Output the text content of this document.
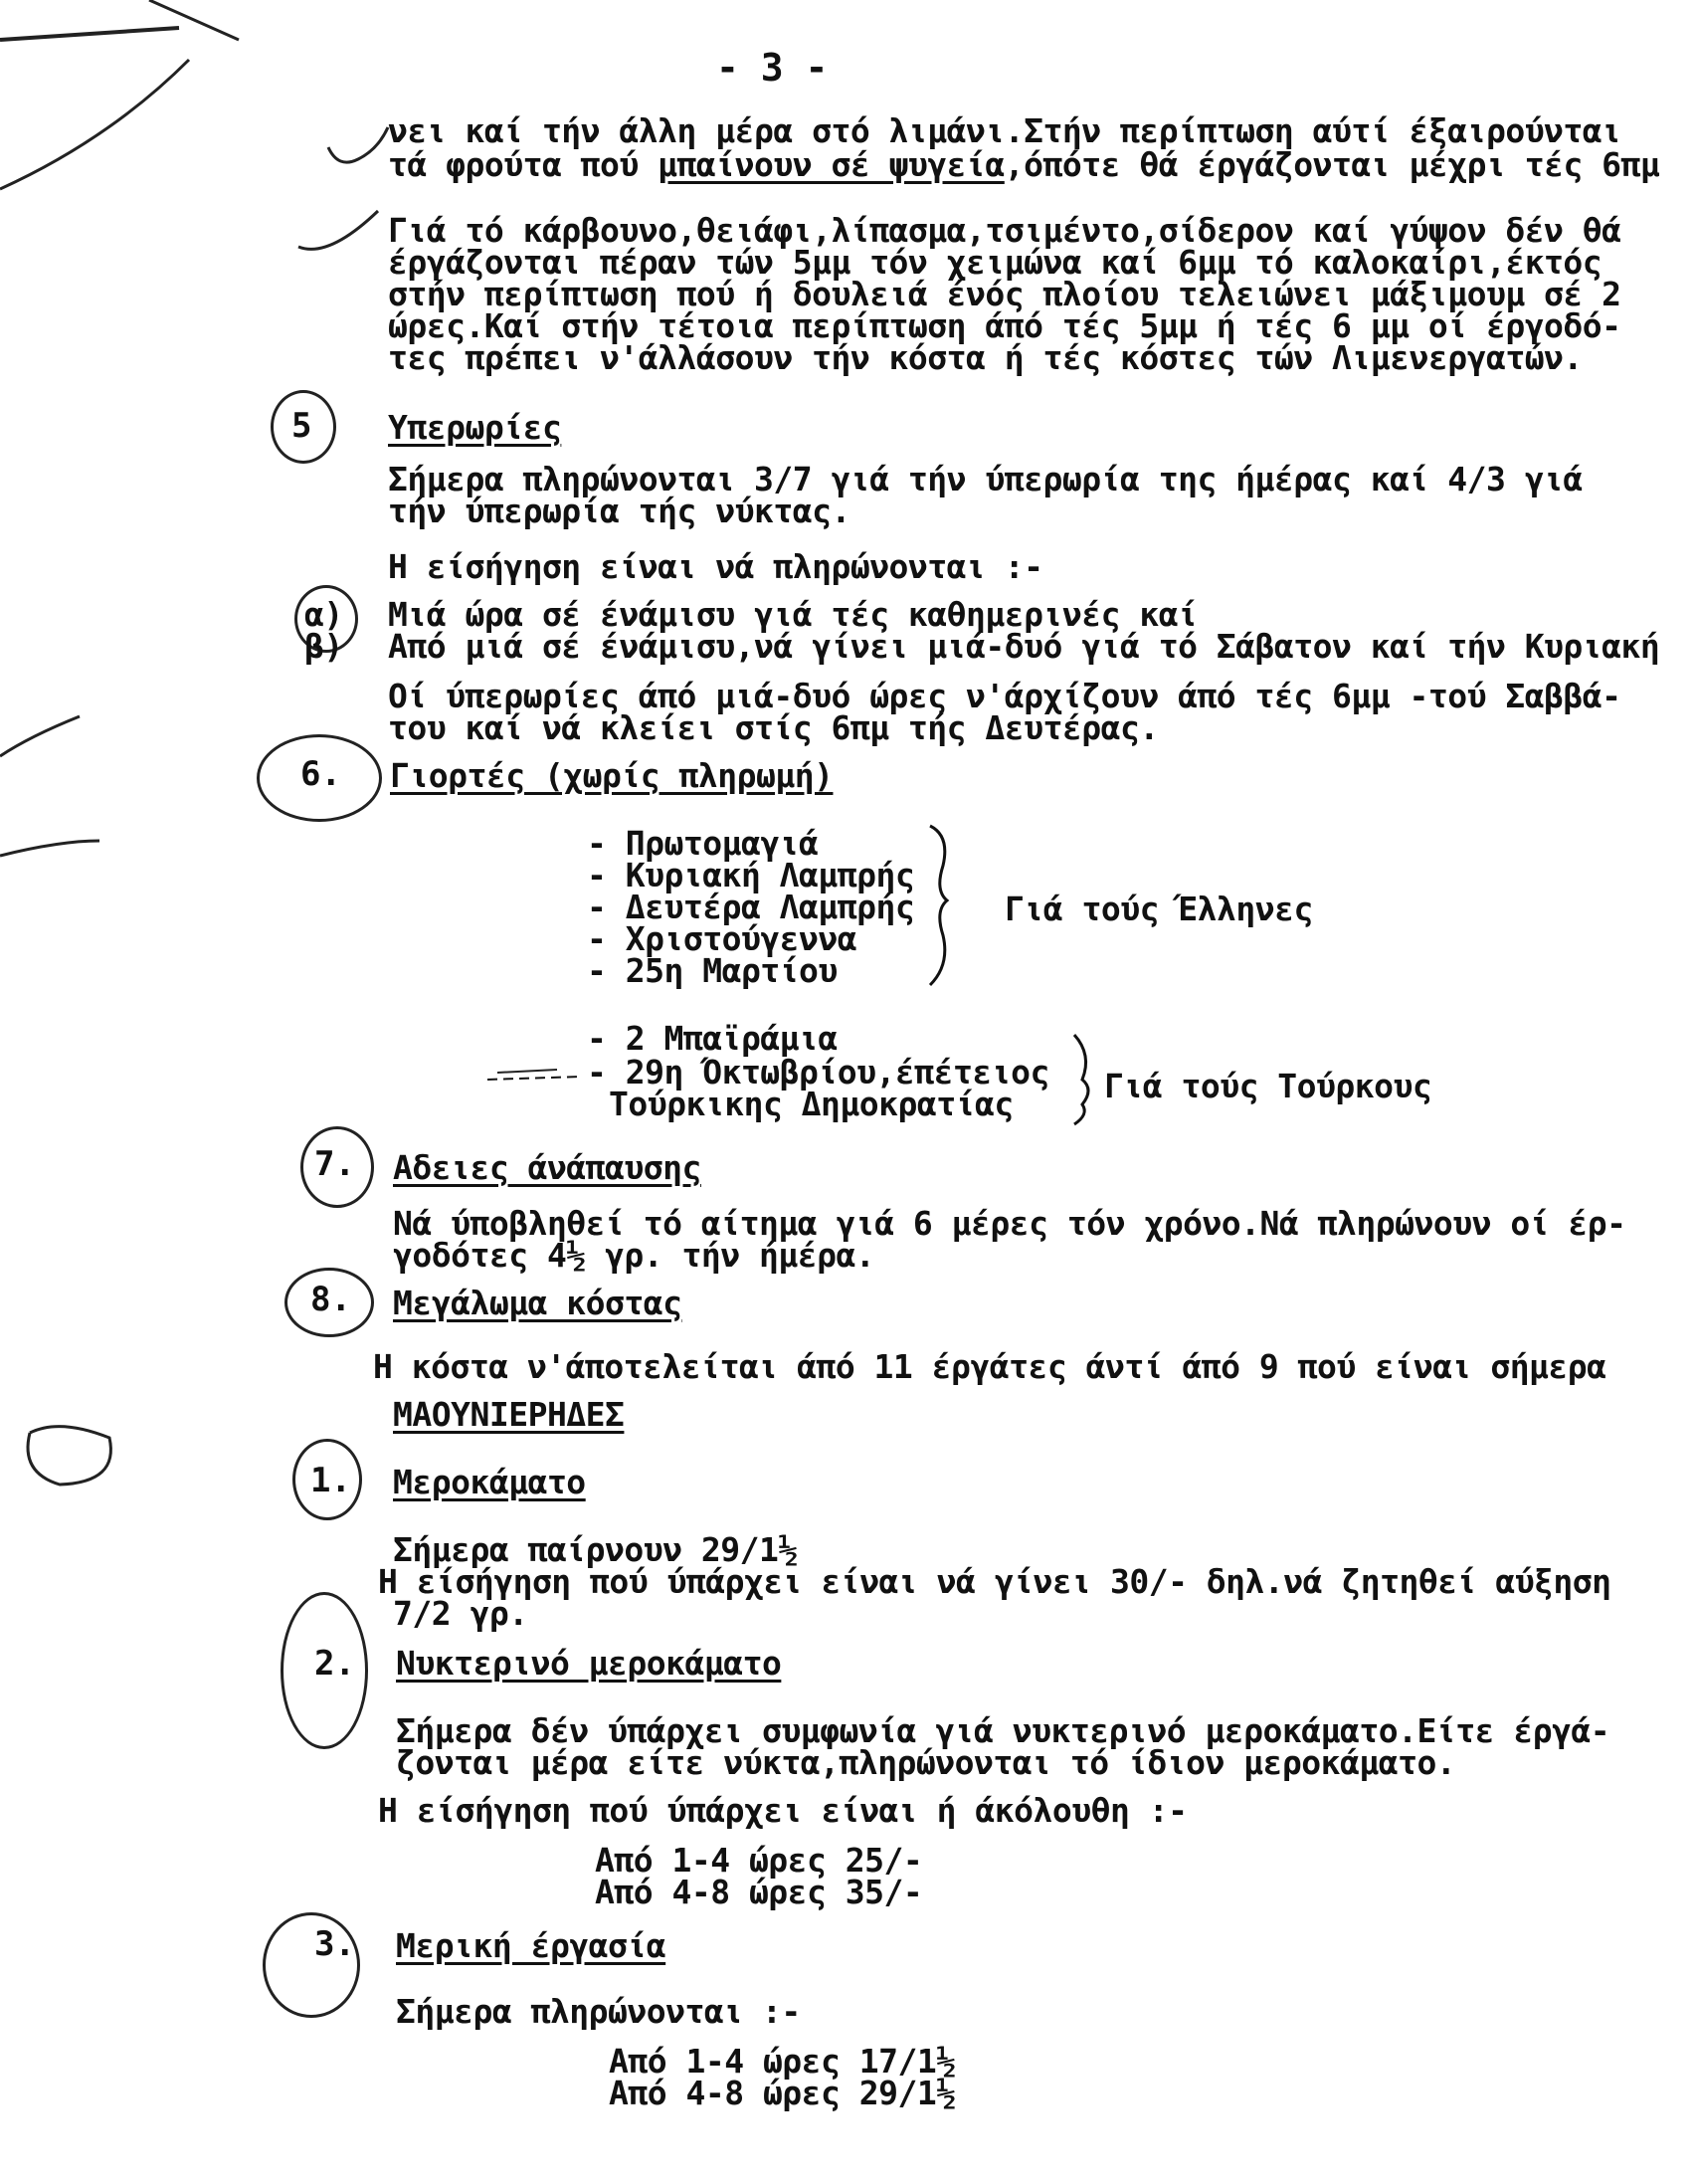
- 3 -
νει καί τήν άλλη μέρα στό λιμάνι.Στήν περίπτωση αύτί έξαιρούνται
τά φρούτα πού μπαίνουν σέ ψυγεία,όπότε θά έργάζονται μέχρι τές 6πμ
Γιά τό κάρβουνο,θειάφι,λίπασμα,τσιμέντο,σίδερον καί γύψον δέν θά
έργάζονται πέραν τών 5μμ τόν χειμώνα καί 6μμ τό καλοκαίρι,έκτός
στήν περίπτωση πού ή δουλειά ένός πλοίου τελειώνει μάξιμουμ σέ 2
ώρες.Καί στήν τέτοια περίπτωση άπό τές 5μμ ή τές 6 μμ οί έργοδό-
τες πρέπει ν'άλλάσουν τήν κόστα ή τές κόστες τών Λιμενεργατών.
5 Υπερωρίες
Σήμερα πληρώνονται 3/7 γιά τήν ύπερωρία της ήμέρας καί 4/3 γιά
τήν ύπερωρία τής νύκτας.
Η είσήγηση είναι νά πληρώνονται :-
α) Μιά ώρα σέ ένάμισυ γιά τές καθημερινές καί
β) Από μιά σέ ένάμισυ,νά γίνει μιά-δυό γιά τό Σάβατον καί τήν Κυριακή
Οί ύπερωρίες άπό μιά-δυό ώρες ν'άρχίζουν άπό τές 6μμ -τού Σαββά-
του καί νά κλείει στίς 6πμ τής Δευτέρας.
6. Γιορτές (χωρίς πληρωμή)
- Πρωτομαγιά
- Κυριακή Λαμπρής
- Δευτέρα Λαμπρής
- Χριστούγεννα
- 25η Μαρτίου
Γιά τούς Έλληνες
- 2 Μπαϊράμια
- 29η Όκτωβρίου,έπέτειος
Τούρκικης Δημοκρατίας	Γιά τούς Τούρκους
7. Αδειες άνάπαυσης
Νά ύποβληθεί τό αίτημα γιά 6 μέρες τόν χρόνο.Νά πληρώνουν οί έρ-
γοδότες 4½ γρ. τήν ήμέρα.
8. Μεγάλωμα κόστας
Η κόστα ν'άποτελείται άπό 11 έργάτες άντί άπό 9 πού είναι σήμερα
ΜΑΟΥΝΙΕΡΗΔΕΣ
1. Μεροκάματο
Σήμερα παίρνουν 29/1½
Η είσήγηση πού ύπάρχει είναι νά γίνει 30/- δηλ.νά ζητηθεί αύξηση
7/2 γρ.
2. Νυκτερινό μεροκάματο
Σήμερα δέν ύπάρχει συμφωνία γιά νυκτερινό μεροκάματο.Είτε έργά-
ζονται μέρα είτε νύκτα,πληρώνονται τό ίδιον μεροκάματο.
Η είσήγηση πού ύπάρχει είναι ή άκόλουθη :-
Από 1-4 ώρες 25/-
Από 4-8 ώρες 35/-
3. Μερική έργασία
Σήμερα πληρώνονται :-
Από 1-4 ώρες 17/1½
Από 4-8 ώρες 29/1½
